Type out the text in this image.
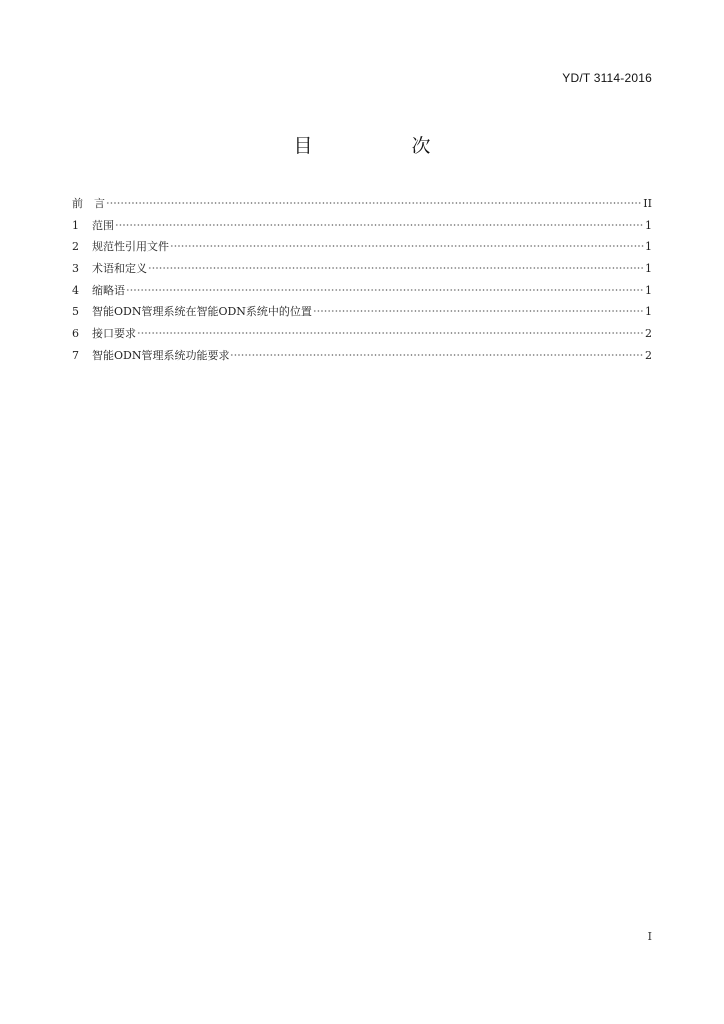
YD/T 3114-2016
目　次
前　言	II
1	范围	1
2	规范性引用文件	1
3	术语和定义	1
4	缩略语	1
5	智能ODN管理系统在智能ODN系统中的位置	1
6	接口要求	2
7	智能ODN管理系统功能要求	2
I
